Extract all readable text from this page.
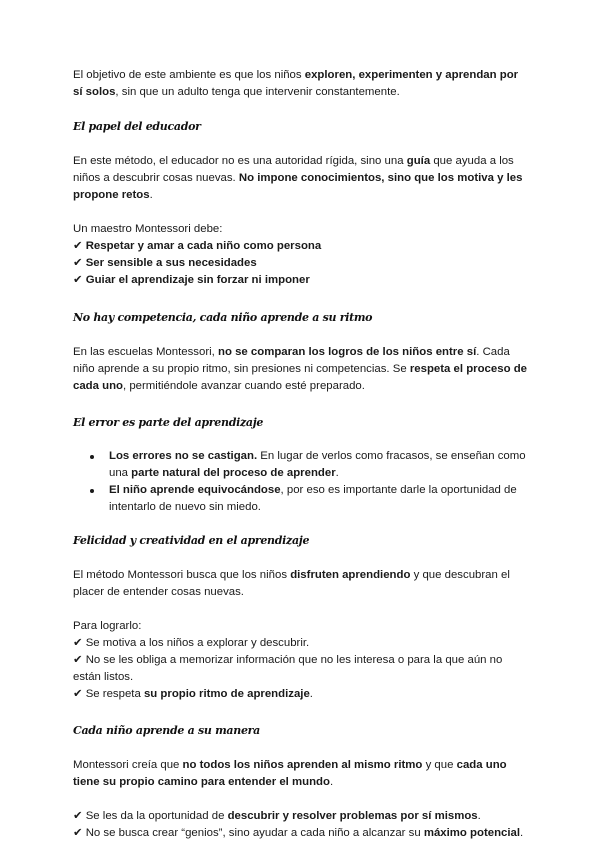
El objetivo de este ambiente es que los niños exploren, experimenten y aprendan por sí solos, sin que un adulto tenga que intervenir constantemente.

El papel del educador

En este método, el educador no es una autoridad rígida, sino una guía que ayuda a los niños a descubrir cosas nuevas. No impone conocimientos, sino que los motiva y les propone retos.

Un maestro Montessori debe:

✔ Respetar y amar a cada niño como persona

✔ Ser sensible a sus necesidades

✔ Guiar el aprendizaje sin forzar ni imponer

No hay competencia, cada niño aprende a su ritmo

En las escuelas Montessori, no se comparan los logros de los niños entre sí. Cada niño aprende a su propio ritmo, sin presiones ni competencias. Se respeta el proceso de cada uno, permitiéndole avanzar cuando esté preparado.

El error es parte del aprendizaje
Los errores no se castigan. En lugar de verlos como fracasos, se enseñan como una parte natural del proceso de aprender.
El niño aprende equivocándose, por eso es importante darle la oportunidad de intentarlo de nuevo sin miedo.
Felicidad y creatividad en el aprendizaje

El método Montessori busca que los niños disfruten aprendiendo y que descubran el placer de entender cosas nuevas.

Para lograrlo:

✔ Se motiva a los niños a explorar y descubrir.

✔ No se les obliga a memorizar información que no les interesa o para la que aún no están listos.

✔ Se respeta su propio ritmo de aprendizaje.

Cada niño aprende a su manera

Montessori creía que no todos los niños aprenden al mismo ritmo y que cada uno tiene su propio camino para entender el mundo.

✔ Se les da la oportunidad de descubrir y resolver problemas por sí mismos.

✔ No se busca crear “genios”, sino ayudar a cada niño a alcanzar su máximo potencial.
